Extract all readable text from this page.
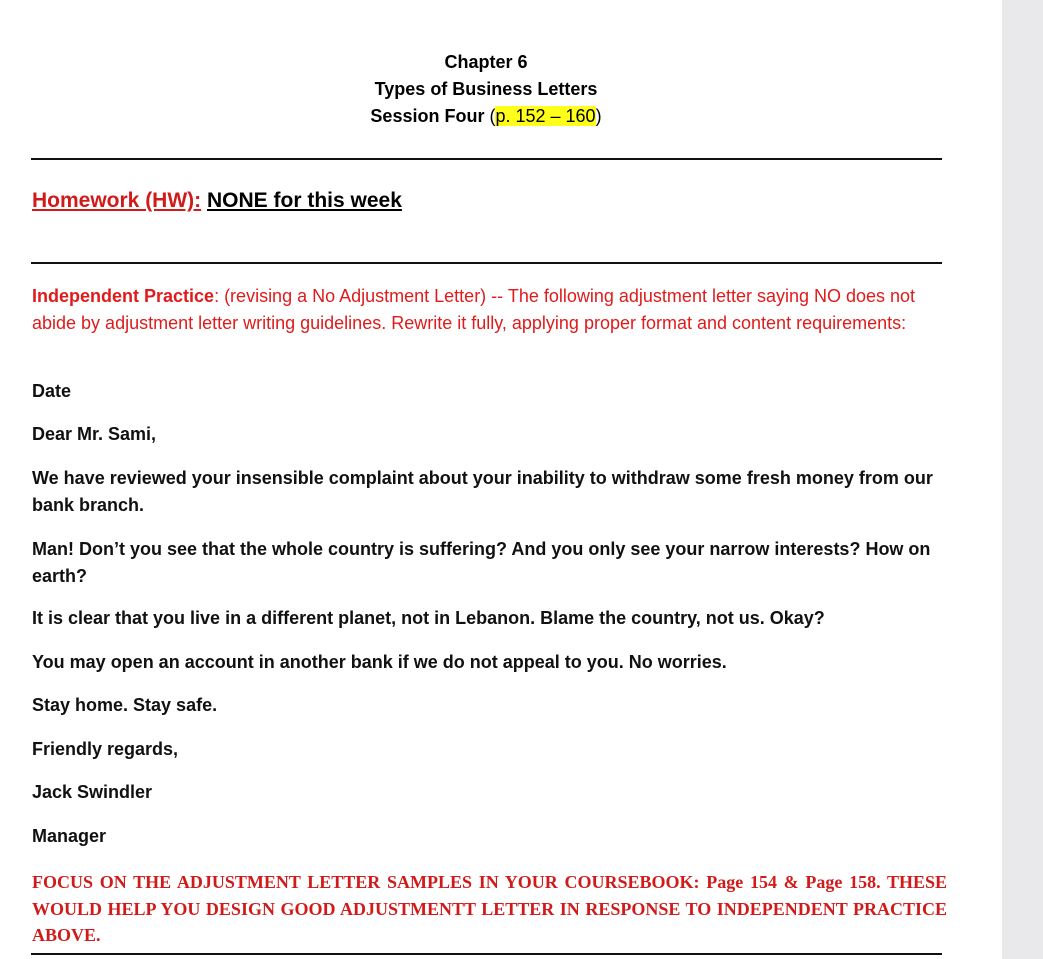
Chapter 6
Types of Business Letters
Session Four (p. 152 – 160)
Homework (HW): NONE for this week
Independent Practice: (revising a No Adjustment Letter) -- The following adjustment letter saying NO does not abide by adjustment letter writing guidelines. Rewrite it fully, applying proper format and content requirements:
Date
Dear Mr. Sami,
We have reviewed your insensible complaint about your inability to withdraw some fresh money from our bank branch.
Man! Don’t you see that the whole country is suffering? And you only see your narrow interests? How on earth?
It is clear that you live in a different planet, not in Lebanon. Blame the country, not us. Okay?
You may open an account in another bank if we do not appeal to you. No worries.
Stay home. Stay safe.
Friendly regards,
Jack Swindler
Manager
FOCUS ON THE ADJUSTMENT LETTER SAMPLES IN YOUR COURSEBOOK: Page 154 & Page 158. THESE WOULD HELP YOU DESIGN GOOD ADJUSTMENTT LETTER IN RESPONSE TO INDEPENDENT PRACTICE ABOVE.
